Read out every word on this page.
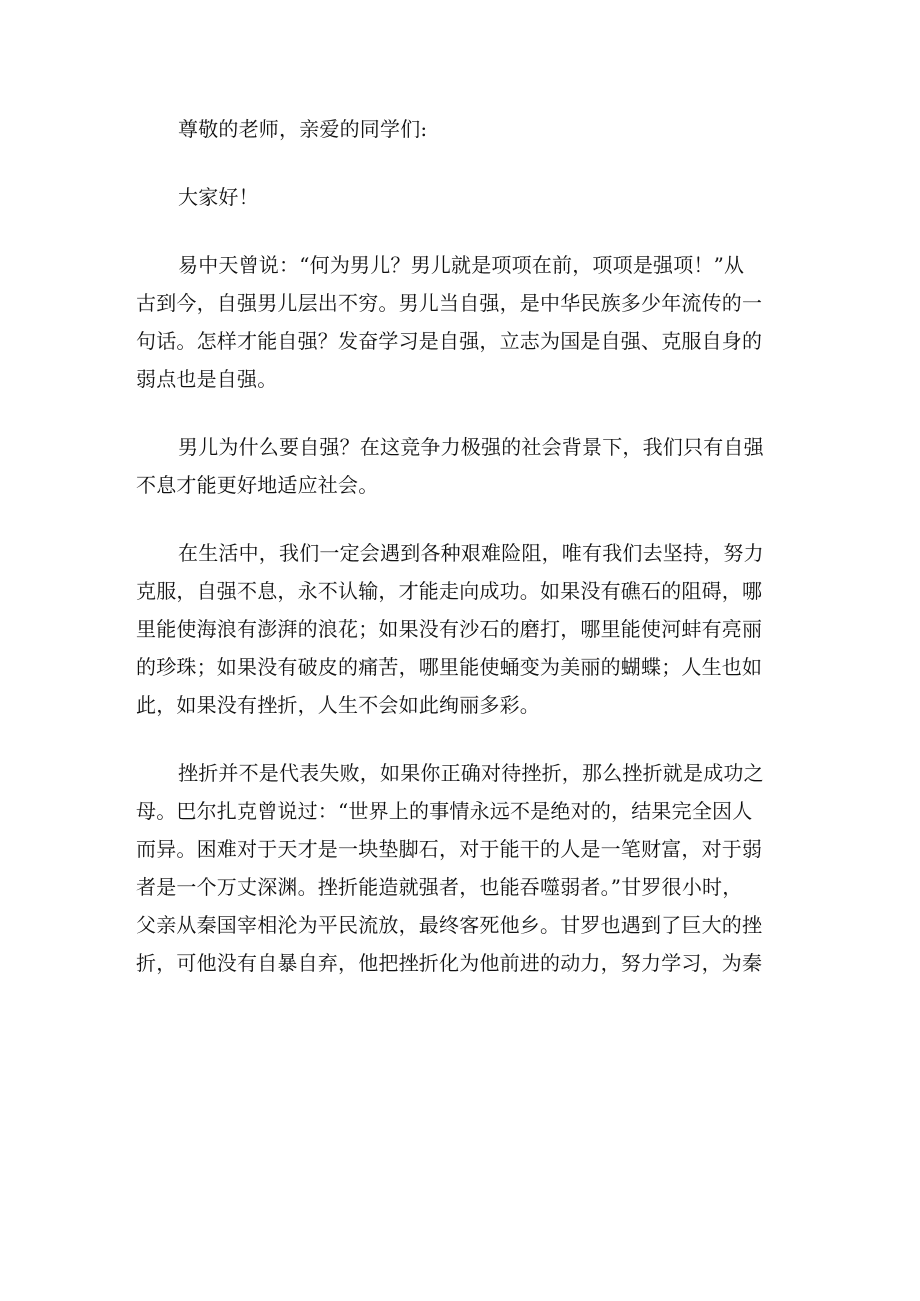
尊敬的老师，亲爱的同学们:

大家好！

易中天曾说：“何为男儿？男儿就是项项在前，项项是强项！”从
古到今，自强男儿层出不穷。男儿当自强，是中华民族多少年流传的一
句话。怎样才能自强？发奋学习是自强，立志为国是自强、克服自身的
弱点也是自强。

男儿为什么要自强？在这竞争力极强的社会背景下，我们只有自强
不息才能更好地适应社会。

在生活中，我们一定会遇到各种艰难险阻，唯有我们去坚持，努力
克服，自强不息，永不认输，才能走向成功。如果没有礁石的阻碍，哪
里能使海浪有澎湃的浪花；如果没有沙石的磨打，哪里能使河蚌有亮丽
的珍珠；如果没有破皮的痛苦，哪里能使蛹变为美丽的蝴蝶；人生也如
此，如果没有挫折，人生不会如此绚丽多彩。

挫折并不是代表失败，如果你正确对待挫折，那么挫折就是成功之
母。巴尔扎克曾说过：“世界上的事情永远不是绝对的，结果完全因人
而异。困难对于天才是一块垫脚石，对于能干的人是一笔财富，对于弱
者是一个万丈深渊。挫折能造就强者，也能吞噬弱者。”甘罗很小时，
父亲从秦国宰相沦为平民流放，最终客死他乡。甘罗也遇到了巨大的挫
折，可他没有自暴自弃，他把挫折化为他前进的动力，努力学习，为秦
